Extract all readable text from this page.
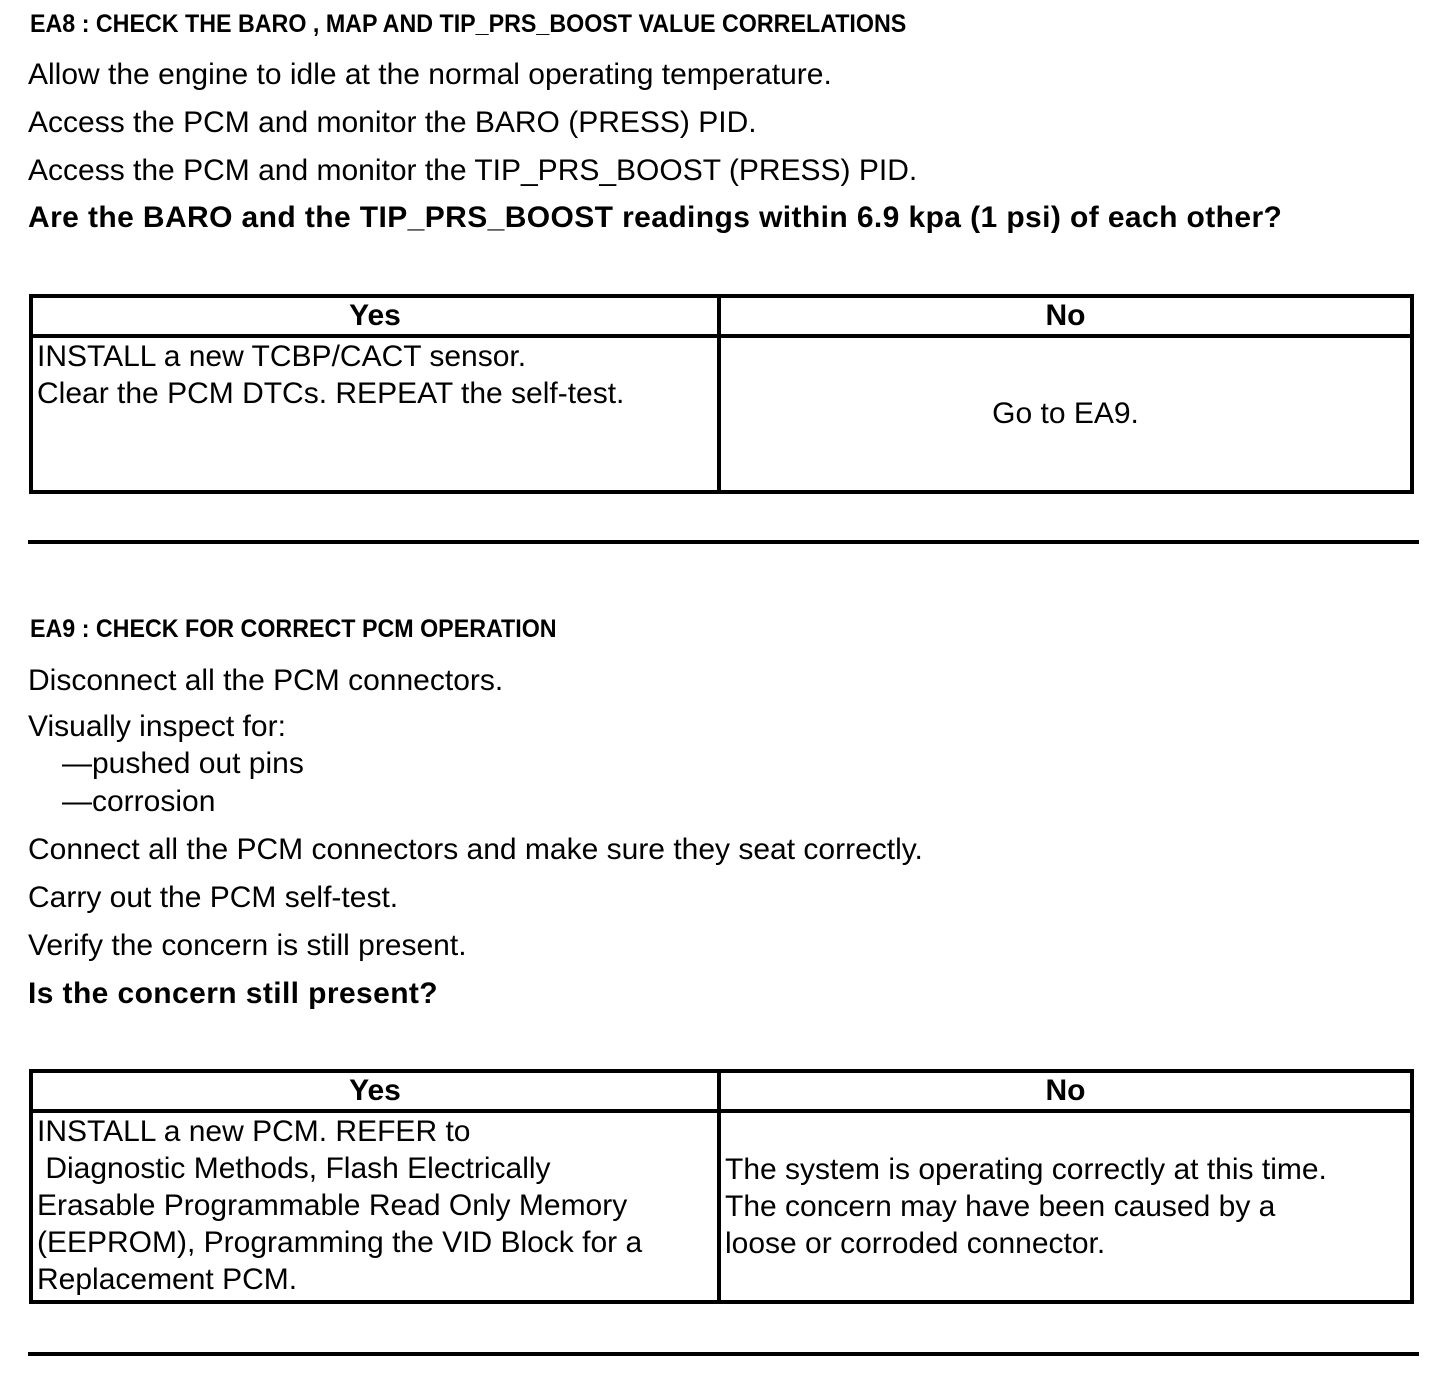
EA8 : CHECK THE BARO , MAP AND TIP_PRS_BOOST VALUE CORRELATIONS
Allow the engine to idle at the normal operating temperature.
Access the PCM and monitor the BARO (PRESS) PID.
Access the PCM and monitor the TIP_PRS_BOOST (PRESS) PID.
Are the BARO and the TIP_PRS_BOOST readings within 6.9 kpa (1 psi) of each other?
Yes	No

INSTALL a new TCBP/CACT sensor.
Clear the PCM DTCs. REPEAT the self-test.	Go to EA9.
EA9 : CHECK FOR CORRECT PCM OPERATION
Disconnect all the PCM connectors.
Visually inspect for:
—pushed out pins
—corrosion
Connect all the PCM connectors and make sure they seat correctly.
Carry out the PCM self-test.
Verify the concern is still present.
Is the concern still present?
Yes	No

INSTALL a new PCM. REFER to
Diagnostic Methods, Flash Electrically
Erasable Programmable Read Only Memory
(EEPROM), Programming the VID Block for a
Replacement PCM.	The system is operating correctly at this time.
The concern may have been caused by a
loose or corroded connector.
